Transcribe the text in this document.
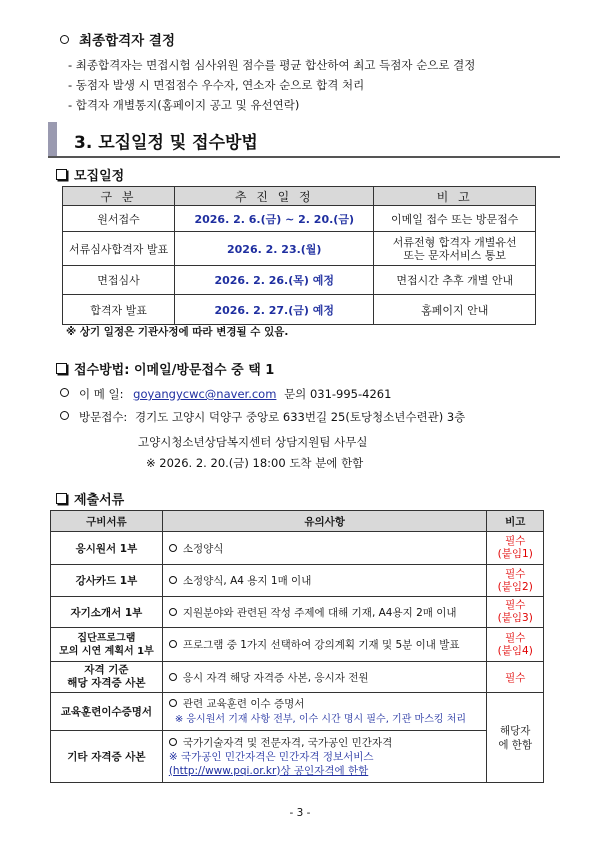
최종합격자 결정
- 최종합격자는 면접시험 심사위원 점수를 평균 합산하여 최고 득점자 순으로 결정
- 동점자 발생 시 면접점수 우수자, 연소자 순으로 합격 처리
- 합격자 개별통지(홈페이지 공고 및 유선연락)
3. 모집일정 및 접수방법
모집일정
구 분	추 진 일 정	비 고
원서접수	2026. 2. 6.(금) ~ 2. 20.(금)	이메일 접수 또는 방문접수
서류심사합격자 발표	2026. 2. 23.(월)	서류전형 합격자 개별유선
또는 문자서비스 통보
면접심사	2026. 2. 26.(목) 예정	면접시간 추후 개별 안내
합격자 발표	2026. 2. 27.(금) 예정	홈페이지 안내
※ 상기 일정은 기관사정에 따라 변경될 수 있음.
접수방법: 이메일/방문접수 중 택 1
이 메 일: goyangycwc@naver.com 문의 031-995-4261
방문접수: 경기도 고양시 덕양구 중앙로 633번길 25(토당청소년수련관) 3층
고양시청소년상담복지센터 상담지원팀 사무실
※ 2026. 2. 20.(금) 18:00 도착 분에 한함
제출서류
구비서류	유의사항	비고
응시원서 1부	소정양식	필수
(붙임1)
강사카드 1부	소정양식, A4 용지 1매 이내	필수
(붙임2)
자기소개서 1부	지원분야와 관련된 작성 주제에 대해 기재, A4용지 2매 이내	필수
(붙임3)
집단프로그램
모의 시연 계획서 1부	프로그램 중 1가지 선택하여 강의계획 기재 및 5분 이내 발표	필수
(붙임4)
자격 기준
해당 자격증 사본	응시 자격 해당 자격증 사본, 응시자 전원	필수
교육훈련이수증명서	관련 교육훈련 이수 증명서
※ 응시원서 기재 사항 전부, 이수 시간 명시 필수, 기관 마스킹 처리	해당자
에 한함
기타 자격증 사본	국가기술자격 및 전문자격, 국가공인 민간자격
※ 국가공인 민간자격은 민간자격 정보서비스
(http://www.pqi.or.kr)상 공인자격에 한함	
- 3 -
